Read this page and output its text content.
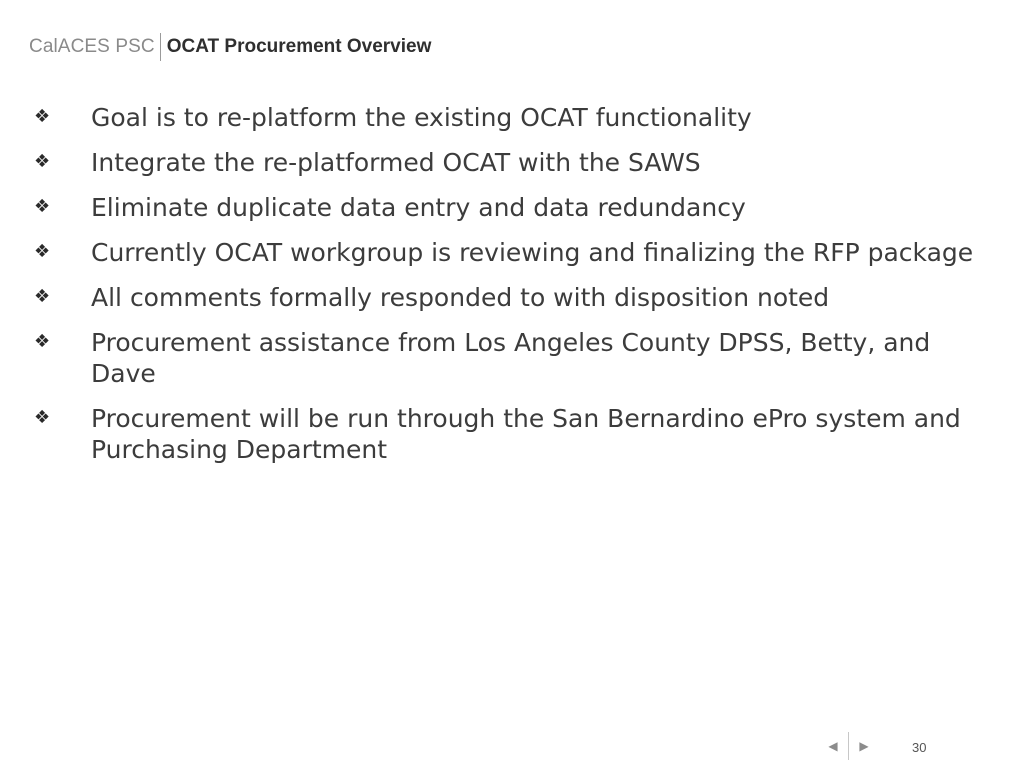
CalACES PSC OCAT Procurement Overview
❖	Goal is to re-platform the existing OCAT functionality
❖	Integrate the re-platformed OCAT with the SAWS
❖	Eliminate duplicate data entry and data redundancy
❖	Currently OCAT workgroup is reviewing and finalizing the RFP package
❖	All comments formally responded to with disposition noted
❖	Procurement assistance from Los Angeles County DPSS, Betty, and Dave
❖	Procurement will be run through the San Bernardino ePro system and Purchasing Department
◀ ▶	30
